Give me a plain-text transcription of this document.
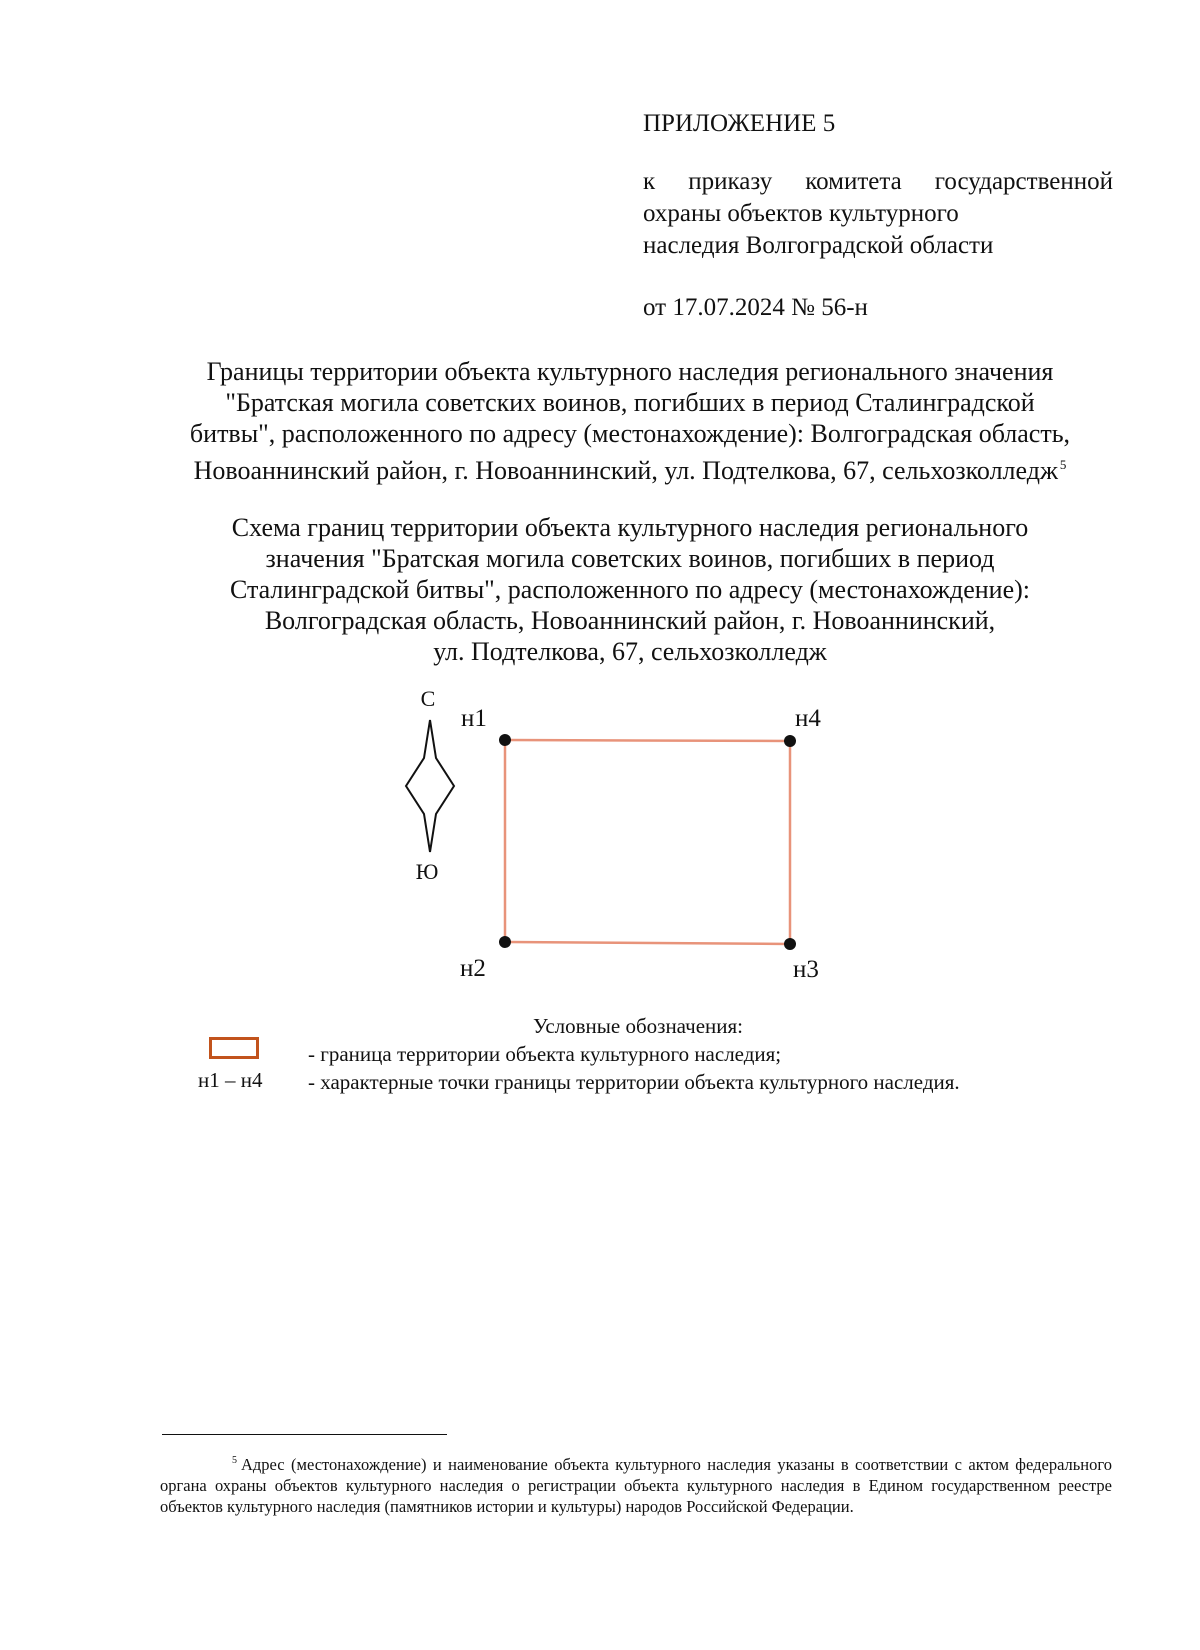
ПРИЛОЖЕНИЕ 5
к приказу комитета государственной
охраны объектов культурного
наследия Волгоградской области
от 17.07.2024 № 56-н
Границы территории объекта культурного наследия регионального значения
"Братская могила советских воинов, погибших в период Сталинградской
битвы", расположенного по адресу (местонахождение): Волгоградская область,
Новоаннинский район, г. Новоаннинский, ул. Подтелкова, 67, сельхозколледж $^5$
Схема границ территории объекта культурного наследия регионального
значения "Братская могила советских воинов, погибших в период
Сталинградской битвы", расположенного по адресу (местонахождение):
Волгоградская область, Новоаннинский район, г. Новоаннинский,
ул. Подтелкова, 67, сельхозколледж
С
Ю
н1
н2	н3
н4
Условные обозначения:
н1 – н4
- граница территории объекта культурного наследия;
- характерные точки границы территории объекта культурного наследия.
$^5$ Адрес (местонахождение) и наименование объекта культурного наследия указаны в соответствии с актом федерального органа охраны объектов культурного наследия о регистрации объекта культурного наследия в Едином государственном реестре объектов культурного наследия (памятников истории и культуры) народов Российской Федерации.
